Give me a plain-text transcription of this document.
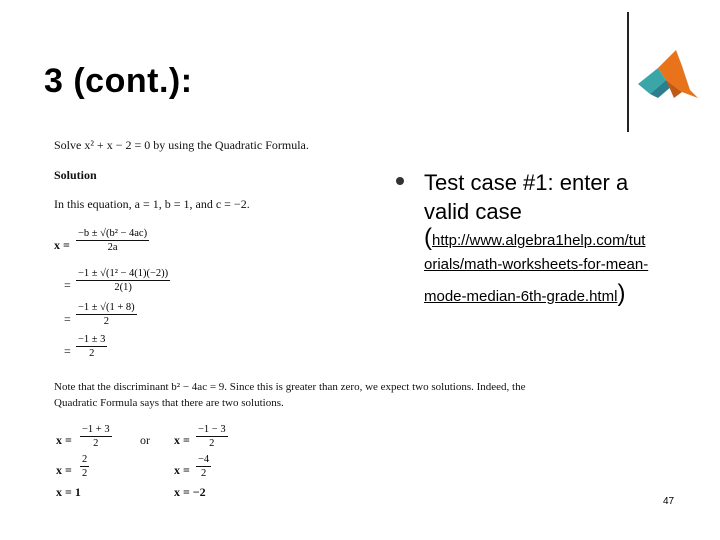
3 (cont.):
Solve x² + x − 2 = 0 by using the Quadratic Formula.
Solution
In this equation, a = 1, b = 1, and c = −2.
$x = \frac{\text{−b ± √(b² − 4ac)}}{2a}$
= $\frac{\text{−1 ± √(1² − 4(1)(−2))}}{2(1)}$
= $\frac{-1 \pm √(1 + 8)}{2}$
= $\frac{-1 \pm 3}{2}$
Note that the discriminant b² − 4ac = 9. Since this is greater than zero, we expect two solutions. Indeed, the
Quadratic Formula says that there are two solutions.
$x = \frac{-1 + 3}{2}$ or $x = \frac{-1 - 3}{2}$
$x = \frac{2}{2}$	$x = \frac{-4}{2}$
x = 1	x = −2
Test case #1: enter a
valid case
(http://www.algebra1help.com/tut
orials/math-worksheets-for-mean-
mode-median-6th-grade.html)
47
